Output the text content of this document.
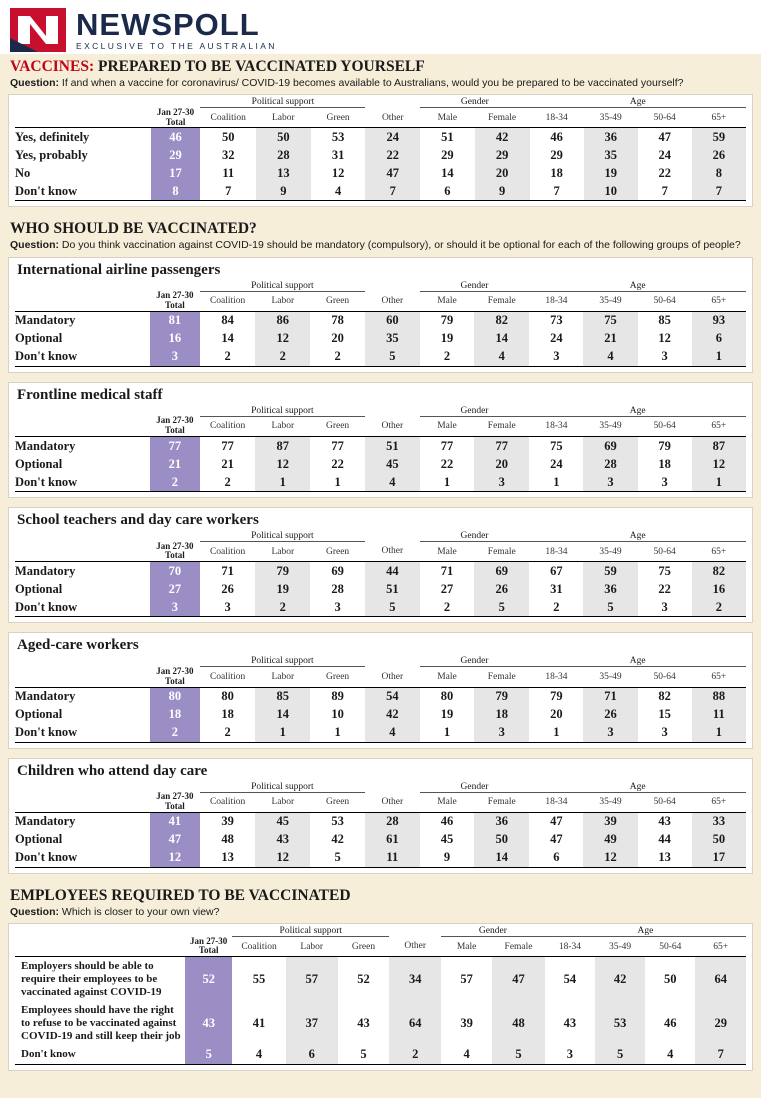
NEWSPOLL
EXCLUSIVE TO THE AUSTRALIAN
VACCINES: PREPARED TO BE VACCINATED YOURSELF
Question: If and when a vaccine for coronavirus/ COVID-19 becomes available to Australians, would you be prepared to be vaccinated yourself?
		Political support				Gender		Age			
	Jan 27-30
Total	Coalition	Labor	Green	Other	Male	Female	18-34	35-49	50-64	65+
Yes, definitely	46	50	50	53	24	51	42	46	36	47	59
Yes, probably	29	32	28	31	22	29	29	29	35	24	26
No	17	11	13	12	47	14	20	18	19	22	8
Don't know	8	7	9	4	7	6	9	7	10	7	7
WHO SHOULD BE VACCINATED?
Question: Do you think vaccination against COVID-19 should be mandatory (compulsory), or should it be optional for each of the following groups of people?
International airline passengers
		Political support				Gender		Age			
	Jan 27-30
Total	Coalition	Labor	Green	Other	Male	Female	18-34	35-49	50-64	65+
Mandatory	81	84	86	78	60	79	82	73	75	85	93
Optional	16	14	12	20	35	19	14	24	21	12	6
Don't know	3	2	2	2	5	2	4	3	4	3	1
Frontline medical staff
		Political support				Gender		Age			
	Jan 27-30
Total	Coalition	Labor	Green	Other	Male	Female	18-34	35-49	50-64	65+
Mandatory	77	77	87	77	51	77	77	75	69	79	87
Optional	21	21	12	22	45	22	20	24	28	18	12
Don't know	2	2	1	1	4	1	3	1	3	3	1
School teachers and day care workers
		Political support				Gender		Age			
	Jan 27-30
Total	Coalition	Labor	Green	Other	Male	Female	18-34	35-49	50-64	65+
Mandatory	70	71	79	69	44	71	69	67	59	75	82
Optional	27	26	19	28	51	27	26	31	36	22	16
Don't know	3	3	2	3	5	2	5	2	5	3	2
Aged-care workers
		Political support				Gender		Age			
	Jan 27-30
Total	Coalition	Labor	Green	Other	Male	Female	18-34	35-49	50-64	65+
Mandatory	80	80	85	89	54	80	79	79	71	82	88
Optional	18	18	14	10	42	19	18	20	26	15	11
Don't know	2	2	1	1	4	1	3	1	3	3	1
Children who attend day care
		Political support				Gender		Age			
	Jan 27-30
Total	Coalition	Labor	Green	Other	Male	Female	18-34	35-49	50-64	65+
Mandatory	41	39	45	53	28	46	36	47	39	43	33
Optional	47	48	43	42	61	45	50	47	49	44	50
Don't know	12	13	12	5	11	9	14	6	12	13	17
EMPLOYEES REQUIRED TO BE VACCINATED
Question: Which is closer to your own view?
		Political support				Gender		Age			
	Jan 27-30
Total	Coalition	Labor	Green	Other	Male	Female	18-34	35-49	50-64	65+
Employers should be able to require their employees to be vaccinated against COVID-19	52	55	57	52	34	57	47	54	42	50	64
Employees should have the right to refuse to be vaccinated against COVID-19 and still keep their job	43	41	37	43	64	39	48	43	53	46	29
Don't know	5	4	6	5	2	4	5	3	5	4	7
